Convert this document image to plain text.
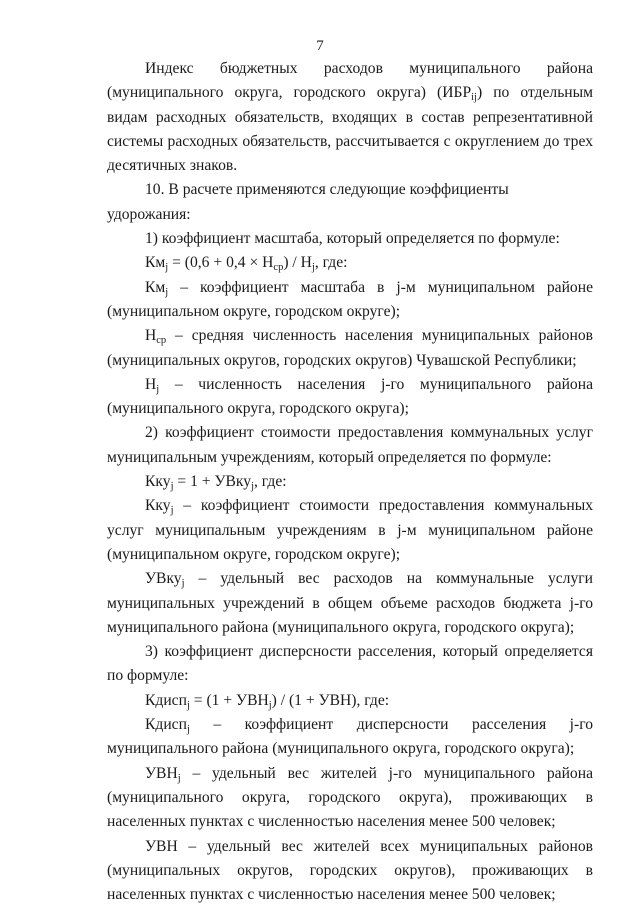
7

Индекс бюджетных расходов муниципального района (муниципального округа, городского округа) $(ИБР_{ij})$ по отдельным видам расходных обязательств, входящих в состав репрезентативной системы расходных обязательств, рассчитывается с округлением до трех десятичных знаков.

10. В расчете применяются следующие коэффициенты удорожания:

1) коэффициент масштаба, который определяется по формуле:

$Км_j = (0,6 + 0,4 \times Н_{ср}) / Н_j$, где:

$Км_j$ – коэффициент масштаба в j-м муниципальном районе (муниципальном округе, городском округе);

$Н_{ср}$ – средняя численность населения муниципальных районов (муниципальных округов, городских округов) Чувашской Республики;

$Н_j$ – численность населения j-го муниципального района (муниципального округа, городского округа);

2) коэффициент стоимости предоставления коммунальных услуг муниципальным учреждениям, который определяется по формуле:

Кку$_j$ = 1 + УВку$_j$, где:

Кку$_j$ – коэффициент стоимости предоставления коммунальных услуг муниципальным учреждениям в j-м муниципальном районе (муниципальном округе, городском округе);

УВку$_j$ – удельный вес расходов на коммунальные услуги муниципальных учреждений в общем объеме расходов бюджета j-го муниципального района (муниципального округа, городского округа);

3) коэффициент дисперсности расселения, который определяется по формуле:

Кдисп$_j$ = $(1 + УВН_j) / (1 + УВН)$, где:

Кдисп$_j$ – коэффициент дисперсности расселения j-го муниципального района (муниципального округа, городского округа);

$УВН_j$ – удельный вес жителей j-го муниципального района (муниципального округа, городского округа), проживающих в населенных пунктах с численностью населения менее 500 человек;

УВН – удельный вес жителей всех муниципальных районов (муниципальных округов, городских округов), проживающих в населенных пунктах с численностью населения менее 500 человек;
